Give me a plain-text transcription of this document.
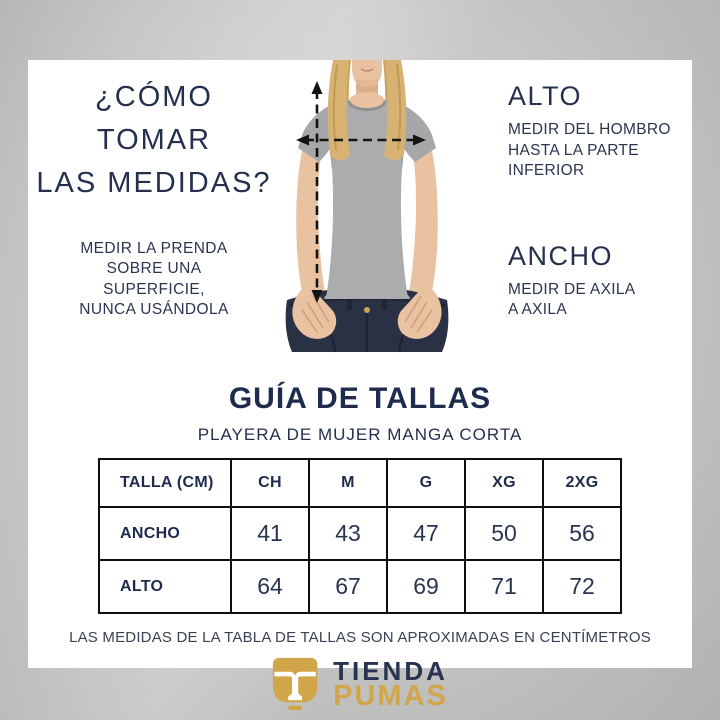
¿CÓMO TOMAR
LAS MEDIDAS?
MEDIR LA PRENDA
SOBRE UNA
SUPERFICIE,
NUNCA USÁNDOLA
ALTO
MEDIR DEL HOMBRO
HASTA LA PARTE
INFERIOR
ANCHO
MEDIR DE AXILA
A AXILA
GUÍA DE TALLAS
PLAYERA DE MUJER MANGA CORTA
TALLA (CM)	CH	M	G	XG	2XG
ANCHO	41	43	47	50	56
ALTO	64	67	69	71	72
LAS MEDIDAS DE LA TABLA DE TALLAS SON APROXIMADAS EN CENTÍMETROS
TIENDA
PUMAS
